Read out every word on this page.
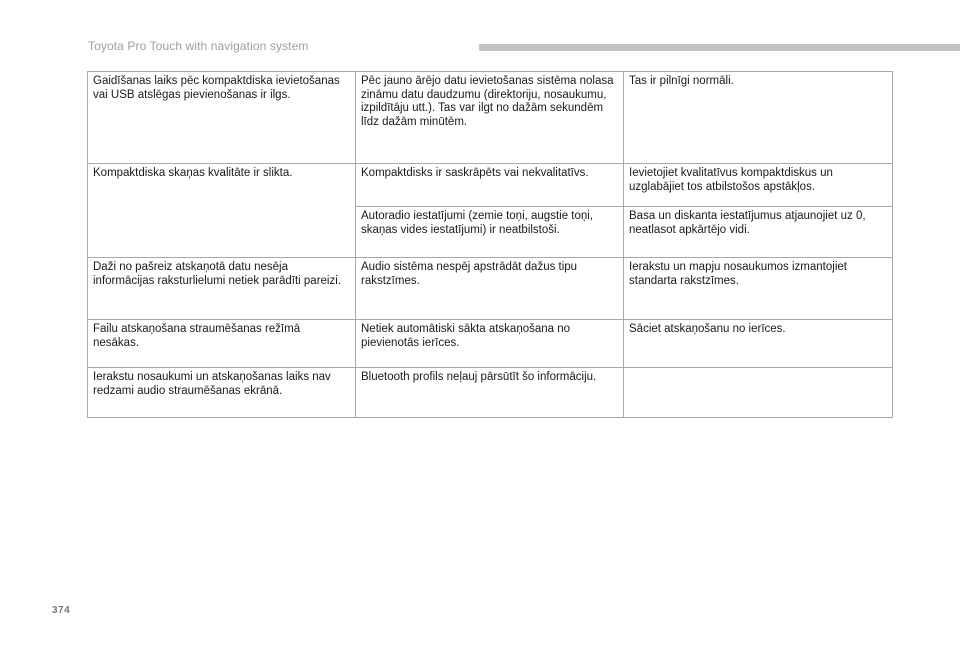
Toyota Pro Touch with navigation system
Gaidīšanas laiks pēc kompaktdiska ievietošanas vai USB atslēgas pievienošanas ir ilgs.	Pēc jauno ārējo datu ievietošanas sistēma nolasa zināmu datu daudzumu (direktoriju, nosaukumu, izpildītāju utt.). Tas var ilgt no dažām sekundēm līdz dažām minūtēm.	Tas ir pilnīgi normāli.
Kompaktdiska skaņas kvalitāte ir slikta.	Kompaktdisks ir saskrāpēts vai nekvalitatīvs.	Ievietojiet kvalitatīvus kompaktdiskus un uzglabājiet tos atbilstošos apstākļos.
	Autoradio iestatījumi (zemie toņi, augstie toņi, skaņas vides iestatījumi) ir neatbilstoši.	Basa un diskanta iestatījumus atjaunojiet uz 0, neatlasot apkārtējo vidi.
Daži no pašreiz atskaņotā datu nesēja informācijas raksturlielumi netiek parādīti pareizi.	Audio sistēma nespēj apstrādāt dažus tipu rakstzīmes.	Ierakstu un mapju nosaukumos izmantojiet standarta rakstzīmes.
Failu atskaņošana straumēšanas režīmā nesākas.	Netiek automātiski sākta atskaņošana no pievienotās ierīces.	Sāciet atskaņošanu no ierīces.
Ierakstu nosaukumi un atskaņošanas laiks nav redzami audio straumēšanas ekrānā.	Bluetooth profils neļauj pārsūtīt šo informāciju.	
374
